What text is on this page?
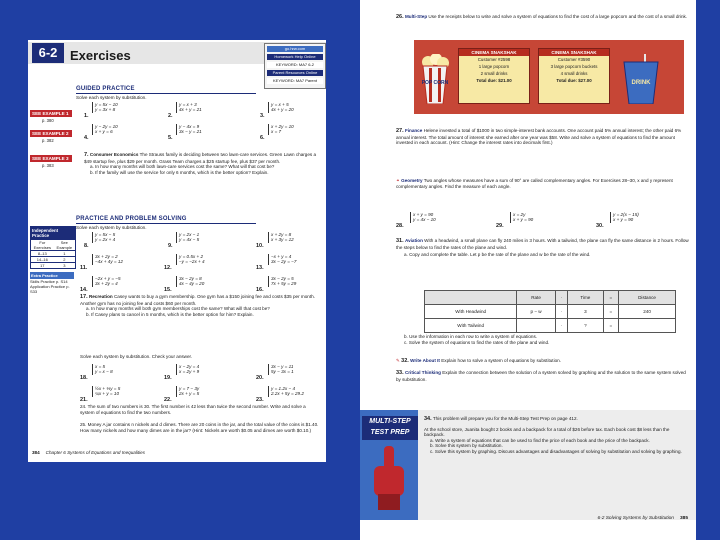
6-2 Exercises	go.hrw.com
Homework Help Online
KEYWORD: MA7 6-2
Parent Resources Online
KEYWORD: MA7 Parent
GUIDED PRACTICE
Solve each system by substitution.
SEE EXAMPLE 1
p. 380
SEE EXAMPLE 2
p. 382
SEE EXAMPLE 3
p. 383
1.
y = 5x − 10
y = 3x + 8
2.
y = x + 3
4x + y = 21
3.
y = x + 5
4x + y = 20
4.
y − 2y = 10
x + y = 6
5.
y − 4x = 9
3x − y = 21
6.
x + 2y = 10
x = 7
7. Consumer Economics The Strauss family is deciding between two lawn-care services. Green Lawn charges a $49 startup fee, plus $29 per month. Grass Team charges a $25 startup fee, plus $37 per month.
a. In how many months will both lawn-care services cost the same? What will that cost be?
b. If the family will use the service for only 6 months, which is the better option? Explain.
PRACTICE AND PROBLEM SOLVING
Solve each system by substitution.
Independent Practice
For Exercises	See Example
8–13	1
14–16	2
17	3
Extra Practice
Skills Practice p. S14
Application Practice p. S33
8.
y = 5x − 5
y = 2x + 4
9.
y = 2x − 1
y = 4x − 5
10.
x + 2y = 8
x + 3y = 12
11.
3x + 2y = 2
−4x + 4y = 12
12.
y = 0.5x + 2
−y = −2x + 4
13.
−x + y = 4
3x − 2y = −7
14.
−2x + y = −5
3x + 2y = 4
15.
3x − 2y = 8
4x − 4y = 20
16.
3x − 2y = 5
7x + 5y = 29
17. Recreation Casey wants to buy a gym membership. One gym has a $150 joining fee and costs $35 per month. Another gym has no joining fee and costs $60 per month.
a. In how many months will both gym memberships cost the same? What will that cost be?
b. If Casey plans to cancel in 5 months, which is the better option for him? Explain.
Solve each system by substitution. Check your answer.
18.
x = 5
y = x − 8
19.
x − 2y = 4
x = 2y + 9
20.
3x − y = 11
5y − 3x = 1
21.
½x + ⅓y = 5
¼x + y = 10
22.
y = 7 − 3y
2x + y = 5
23.
y = 1.2x − 4
2.2x + 5y = 29.2
24. The sum of two numbers is 30. The first number is 42 less than twice the second number. Write and solve a system of equations to find the two numbers.
25. Money A jar contains n nickels and d dimes. There are 20 coins in the jar, and the total value of the coins is $1.40. How many nickels and how many dimes are in the jar? (Hint: Nickels are worth $0.05 and dimes are worth $0.10.)
384 Chapter 6 Systems of Equations and Inequalities
26. Multi-Step Use the receipts below to write and solve a system of equations to find the cost of a large popcorn and the cost of a small drink.
POP CORN
CINEMA SNAKSHAK
Customer #2598
1 large popcorn
2 small drinks
Total due: $21.00
CINEMA SNAKSHAK
Customer #3590
3 large popcorn buckets
4 small drinks
Total due: $27.00	DRINK
27. Finance Helene invested a total of $1000 in two simple-interest bank accounts. One account paid 5% annual interest; the other paid 6% annual interest. The total amount of interest she earned after one year was $58. Write and solve a system of equations to find the amount invested in each account. (Hint: Change the interest rates into decimals first.)
⚭ Geometry Two angles whose measures have a sum of 90° are called complementary angles. For Exercises 28–30, x and y represent complementary angles. Find the measure of each angle.
28.
x + y = 90
y = 4x − 10
29.
x = 2y
x + y = 90
30.
y = 2(x − 15)
x + y = 90
31. Aviation With a headwind, a small plane can fly 240 miles in 3 hours. With a tailwind, the plane can fly the same distance in 2 hours. Follow the steps below to find the rates of the plane and wind.
a. Copy and complete the table. Let p be the rate of the plane and w be the rate of the wind.
	Rate	·	Time	=	Distance
With Headwind	p − w	·	3	=	240
With Tailwind		·	?	=	
b. Use the information in each row to write a system of equations.
c. Solve the system of equations to find the rates of the plane and wind.
✎ 32. Write About It Explain how to solve a system of equations by substitution.
33. Critical Thinking Explain the connection between the solution of a system solved by graphing and the solution to the same system solved by substitution.
MULTI-STEP TEST PREP
34. This problem will prepare you for the Multi-Step Test Prep on page 412.
At the school store, Juanita bought 2 books and a backpack for a total of $26 before tax. Each book cost $8 less than the backpack.
a. Write a system of equations that can be used to find the price of each book and the price of the backpack.
b. Solve this system by substitution.
c. Solve this system by graphing. Discuss advantages and disadvantages of solving by substitution and solving by graphing.
6-2 Solving Systems by Substitution 385
